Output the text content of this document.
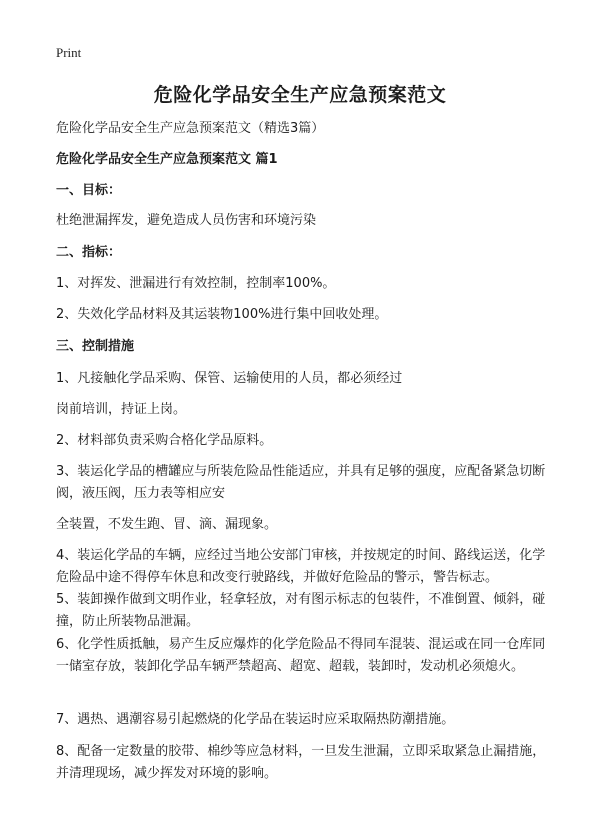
Print
危险化学品安全生产应急预案范文

危险化学品安全生产应急预案范文（精选3篇）

危险化学品安全生产应急预案范文 篇1

一、目标：

杜绝泄漏挥发，避免造成人员伤害和环境污染

二、指标：

1、对挥发、泄漏进行有效控制，控制率100%。

2、失效化学品材料及其运装物100%进行集中回收处理。

三、控制措施

1、凡接触化学品采购、保管、运输使用的人员，都必须经过

岗前培训，持证上岗。

2、材料部负责采购合格化学品原料。

3、装运化学品的槽罐应与所装危险品性能适应，并具有足够的强度，应配备紧急切断阀，液压阀，压力表等相应安

全装置，不发生跑、冒、滴、漏现象。

4、装运化学品的车辆，应经过当地公安部门审核，并按规定的时间、路线运送，化学危险品中途不得停车休息和改变行驶路线，并做好危险品的警示，警告标志。

5、装卸操作做到文明作业，轻拿轻放，对有图示标志的包装件，不准倒置、倾斜，碰撞，防止所装物品泄漏。

6、化学性质抵触，易产生反应爆炸的化学危险品不得同车混装、混运或在同一仓库同一储室存放，装卸化学品车辆严禁超高、超宽、超载，装卸时，发动机必须熄火。

7、遇热、遇潮容易引起燃烧的化学品在装运时应采取隔热防潮措施。

8、配备一定数量的胶带、棉纱等应急材料，一旦发生泄漏，立即采取紧急止漏措施，并清理现场，减少挥发对环境的影响。
